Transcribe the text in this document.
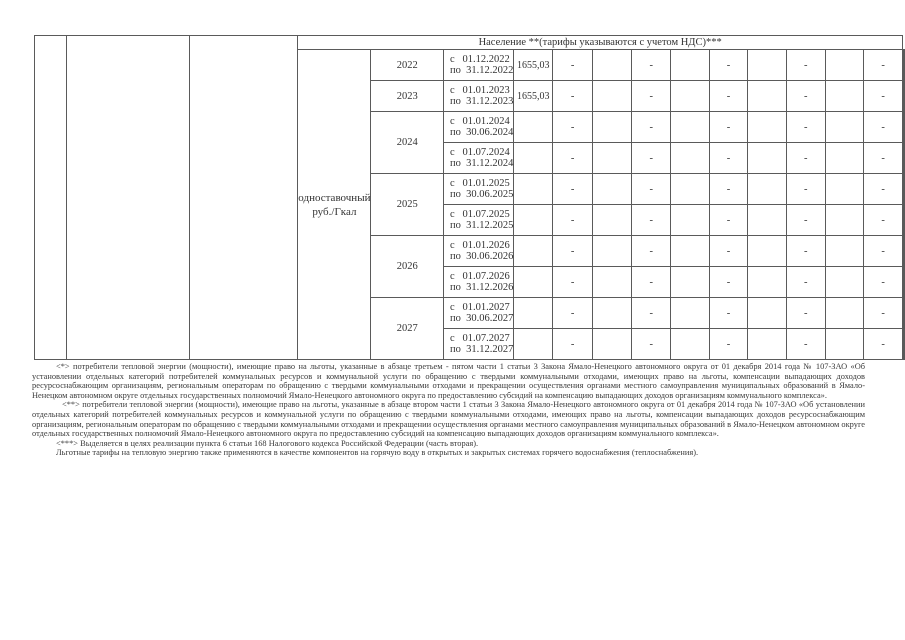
			Население **(тарифы указываются с учетом НДС)***													
			одноставочный руб./Гкал	2022	с 01.12.2022
по 31.12.2022	1655,03	-		-		-		-		-		
				2023	с 01.01.2023
по 31.12.2023	1655,03	-		-		-		-		-		
				2024	с 01.01.2024
по 30.06.2024		-		-		-		-		-		

					с 01.07.2024
по 31.12.2024		-		-		-		-		-		
				2025	с 01.01.2025
по 30.06.2025		-		-		-		-		-		

					с 01.07.2025
по 31.12.2025		-		-		-		-		-		
				2026	с 01.01.2026
по 30.06.2026		-		-		-		-		-		

					с 01.07.2026
по 31.12.2026		-		-		-		-		-		
				2027	с 01.01.2027
по 30.06.2027		-		-		-		-		-		

					с 01.07.2027
по 31.12.2027		-		-		-		-		-		

<*> потребители тепловой энергии (мощности), имеющие право на льготы, указанные в абзаце третьем - пятом части 1 статьи 3 Закона Ямало-Ненецкого автономного округа от 01 декабря 2014 года № 107-ЗАО «Об установлении отдельных категорий потребителей коммунальных ресурсов и коммунальной услуги по обращению с твердыми коммунальными отходами, имеющих право на льготы, компенсации выпадающих доходов ресурсоснабжающим организациям, региональным операторам по обращению с твердыми коммунальными отходами и прекращении осуществления органами местного самоуправления муниципальных образований в Ямало-Ненецком автономном округе отдельных государственных полномочий Ямало-Ненецкого автономного округа по предоставлению субсидий на компенсацию выпадающих доходов организациям коммунального комплекса».

<**> потребители тепловой энергии (мощности), имеющие право на льготы, указанные в абзаце втором части 1 статьи 3 Закона Ямало-Ненецкого автономного округа от 01 декабря 2014 года № 107-ЗАО «Об установлении отдельных категорий потребителей коммунальных ресурсов и коммунальной услуги по обращению с твердыми коммунальными отходами, имеющих право на льготы, компенсации выпадающих доходов ресурсоснабжающим организациям, региональным операторам по обращению с твердыми коммунальными отходами и прекращении осуществления органами местного самоуправления муниципальных образований в Ямало-Ненецком автономном округе отдельных государственных полномочий Ямало-Ненецкого автономного округа по предоставлению субсидий на компенсацию выпадающих доходов организациям коммунального комплекса».

<***> Выделяется в целях реализации пункта 6 статьи 168 Налогового кодекса Российской Федерации (часть вторая).

Льготные тарифы на тепловую энергию также применяются в качестве компонентов на горячую воду в открытых и закрытых системах горячего водоснабжения (теплоснабжения).
